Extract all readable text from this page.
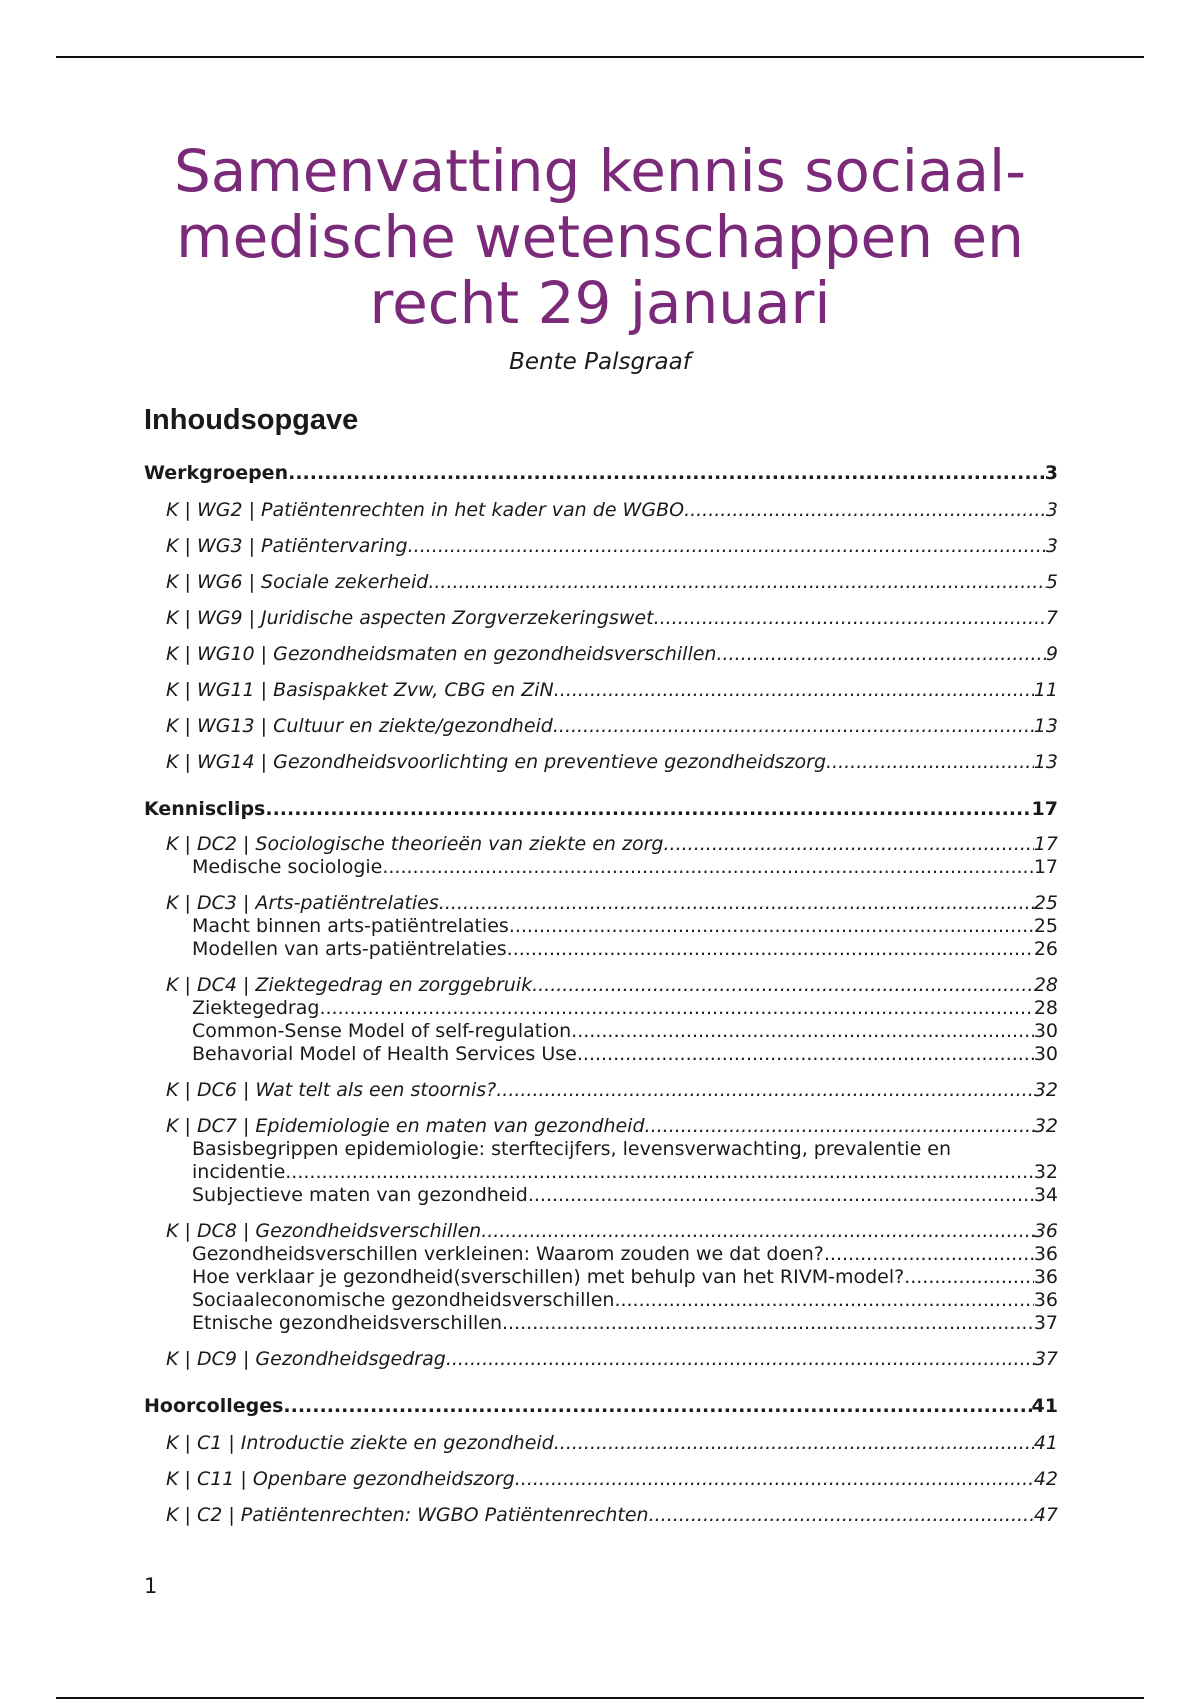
Samenvatting kennis sociaal-medische wetenschappen en recht 29 januari
Bente Palsgraaf
Inhoudsopgave
Werkgroepen .....	3
K | WG2 | Patiëntenrechten in het kader van de WGBO .....	3
K | WG3 | Patiëntervaring .....	3
K | WG6 | Sociale zekerheid .....	5
K | WG9 | Juridische aspecten Zorgverzekeringswet .....	7
K | WG10 | Gezondheidsmaten en gezondheidsverschillen .....	9
K | WG11 | Basispakket Zvw, CBG en ZiN .....	11
K | WG13 | Cultuur en ziekte/gezondheid .....	13
K | WG14 | Gezondheidsvoorlichting en preventieve gezondheidszorg .....	13
Kennisclips .....	17
K | DC2 | Sociologische theorieën van ziekte en zorg .....	17
Medische sociologie .....	17
K | DC3 | Arts-patiëntrelaties .....	25
Macht binnen arts-patiëntrelaties .....	25
Modellen van arts-patiëntrelaties .....	26
K | DC4 | Ziektegedrag en zorggebruik .....	28
Ziektegedrag .....	28
Common-Sense Model of self-regulation .....	30
Behavorial Model of Health Services Use .....	30
K | DC6 | Wat telt als een stoornis? .....	32
K | DC7 | Epidemiologie en maten van gezondheid .....	32
Basisbegrippen epidemiologie: sterftecijfers, levensverwachting, prevalentie en
incidentie .....	32
Subjectieve maten van gezondheid .....	34
K | DC8 | Gezondheidsverschillen .....	36
Gezondheidsverschillen verkleinen: Waarom zouden we dat doen? .....	36
Hoe verklaar je gezondheid(sverschillen) met behulp van het RIVM-model? .....	36
Sociaaleconomische gezondheidsverschillen .....	36
Etnische gezondheidsverschillen .....	37
K | DC9 | Gezondheidsgedrag .....	37
Hoorcolleges .....	41
K | C1 | Introductie ziekte en gezondheid .....	41
K | C11 | Openbare gezondheidszorg .....	42
K | C2 | Patiëntenrechten: WGBO Patiëntenrechten .....	47
1
